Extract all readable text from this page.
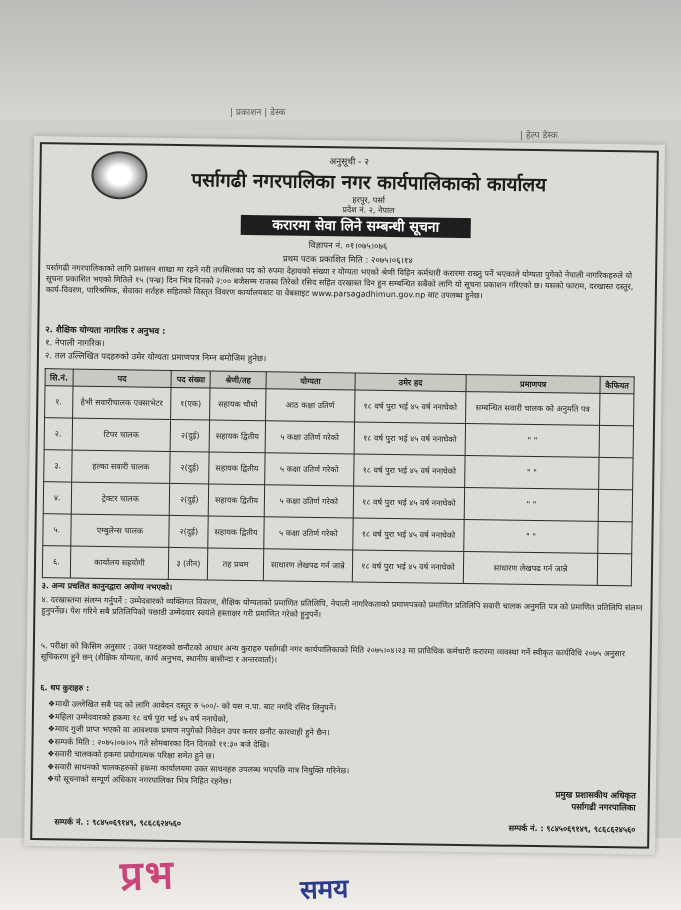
| प्रकाशन | डेस्क
| हेल्प डेस्क
प्रभ	समय
अनुसूची - २
पर्सागढी नगरपालिका नगर कार्यपालिकाको कार्यालय
हरपुर, पर्सा
प्रदेश नं. २, नेपाल
करारमा सेवा लिने सम्बन्धी सूचना
विज्ञापन नं. ०१।०७५।०७६
प्रथम पटक प्रकाशित मिति : २०७५।०६।१४
पर्सागढी नगरपालिकाको लागि प्रशासन शाखा मा रहने गरी तपसिलका पद को रुपमा देहायको संख्या र योग्यता भएको श्रेणी विहिन कर्मचारी करारमा राख्नु पर्ने भएकाले योग्यता पुगेको नेपाली नागरिकहरुले यो सूचना प्रकाशित भएको मितिले १५ (पन्ध्र) दिन भित्र दिनको २:०० बजेसम्म राजस्व तिरेको रसिद सहित दरखास्त दिन हुन सम्बन्धित सबैको लागि यो सूचना प्रकाशन गरिएको छ। यसको फाराम, दरखास्त दस्तुर, कार्य-विवरण, पारिश्रमिक, सेवाका शर्तहरु सहितको विस्तृत विवरण कार्यालयबाट वा वेबसाइट www.parsagadhimun.gov.np बाट उपलब्ध हुनेछ।
२. शैक्षिक योग्यता नागरिक र अनुभव :
१. नेपाली नागरिक।
२. तल उल्लिखित पदहरुको उमेर योग्यता प्रमाणपत्र निम्न बमोजिम हुनेछ।
सि.नं.	पद	पद संख्या	श्रेणी/तह	योग्यता	उमेर हद	प्रमाणपत्र	कैफियत
१.	हेभी सवारीचालक एक्साभेटर	१(एक)	सहायक चौथो	आठ कक्षा उतिर्ण	१८ वर्ष पुरा भई ४५ वर्ष ननाघेको	सम्बन्धित सवारी चालक को अनुमति पत्र	
२.	टिपर चालक	२(दुई)	सहायक द्वितीय	५ कक्षा उतिर्ण गरेको	१८ वर्ष पुरा भई ४५ वर्ष ननाघेको	" "	
३.	हल्का सवारी चालक	२(दुई)	सहायक द्वितीय	५ कक्षा उतिर्ण गरेको	१८ वर्ष पुरा भई ४५ वर्ष ननाघेको	" "	
४.	ट्रेक्टर चालक	२(दुई)	सहायक द्वितीय	५ कक्षा उतिर्ण गरेको	१८ वर्ष पुरा भई ४५ वर्ष ननाघेको	" "	
५.	एम्बुलेन्स चालक	२(दुई)	सहायक द्वितीय	५ कक्षा उतिर्ण गरेको	१८ वर्ष पुरा भई ४५ वर्ष ननाघेको	" "	
६.	कार्यालय सहयोगी	३ (तीन)	तह प्रथम	साधारण लेखपढ गर्न जान्ने	१८ वर्ष पुरा भई ४५ वर्ष ननाघेको	साधारण लेखपढ गर्न जान्ने	
३. अन्य प्रचलित कानुनद्वारा अयोग्य नभएको।
४. दरखास्तमा संलग्न गर्नुपर्ने : उम्मेदवारको व्यक्तिगत विवरण, शैक्षिक योग्यताको प्रमाणित प्रतिलिपि, नेपाली नागरिकताको प्रमाणपत्रको प्रमाणित प्रतिलिपि सवारी चालक अनुमति पत्र को प्रमाणित प्रतिलिपि संलग्न हुनुपर्नेछ। पेश गरिने सबै प्रतिलिपिको पछाडी उम्मेदवार स्वयंले हस्ताक्षर गरी प्रमाणित गरेको हुनुपर्ने।
५. परीक्षा को किसिम अनुसार : उक्त पदहरुको छनौटको आधार अन्य कुराहरु पर्सागढी नगर कार्यपालिकाको मिति २०७५।०४।२३ मा प्राविधिक कर्मचारी करारमा व्यवस्था गर्ने स्वीकृत कार्यविधि २०७५ अनुसार सूचिकरण हुने छन् (शैक्षिक योग्यता, कार्य अनुभव, स्थानीय बासीन्दा र अन्तरवार्ता)।
६. थप कुराहरु :
❖ माथी उल्लेखित सबै पद को लागि आवेदन दस्तुर रु ५००/- को यस न.पा. बाट नगदि रसिद लिनुपर्ने।
❖ महिला उम्मेदवारको हकमा १८ वर्ष पुरा भई ४५ वर्ष ननाघेको,
❖ म्याद गुजी प्राप्त भएको वा आवश्यक प्रमाण नपुगेको निवेदन उपर करार छनौट कारवाही हुने छैन।
❖ सम्पर्क मिति : २०७५।०७।०५ गते सोमबारका दिन दिनको ११:३० बजे देखि।
❖ सवारी चालकको हकमा प्रयोगात्मक परिक्षा समेत हुने छ।
❖ सवारी साधनको चालकहरुको हकमा कार्यालयमा उक्त साधनहरु उपलब्ध भएपछि मात्र नियुक्ति गरिनेछ।
❖ यो सूचनाको सम्पूर्ण अधिकार नगरपालिका भित्र निहित रहनेछ।
सम्पर्क नं. : ९८४५०६९१४९, ९८६८६२४५६०
प्रमुख प्रशासकीय अधिकृत
पर्सागढी नगरपालिका
सम्पर्क नं. : ९८४५०६९१४९, ९८६८६२४५६०
